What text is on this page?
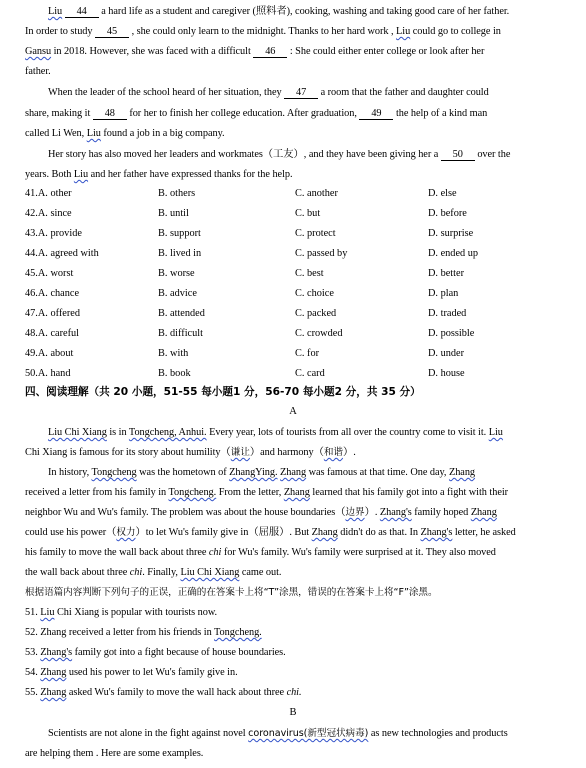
Liu 44 a hard life as a student and caregiver (照料者), cooking, washing and taking good care of her father.
In order to study 45 , she could only learn to the midnight. Thanks to her hard work , Liu could go to college in
Gansu in 2018. However, she was faced with a difficult 46 : She could either enter college or look after her
father.
When the leader of the school heard of her situation, they 47 a room that the father and daughter could
share, making it 48 for her to finish her college education. After graduation, 49 the help of a kind man
called Li Wen, Liu found a job in a big company.
Her story has also moved her leaders and workmates（工友）, and they have been giving her a 50 over the
years. Both Liu and her father have expressed thanks for the help.
41.A. other	B. others	C. another	D. else
42.A. since	B. until	C. but	D. before
43.A. provide	B. support	C. protect	D. surprise
44.A. agreed with	B. lived in	C. passed by	D. ended up
45.A. worst	B. worse	C. best	D. better
46.A. chance	B. advice	C. choice	D. plan
47.A. offered	B. attended	C. packed	D. traded
48.A. careful	B. difficult	C. crowded	D. possible
49.A. about	B. with	C. for	D. under
50.A. hand	B. book	C. card	D. house
四、阅读理解（共 20 小题，51-55 每小题1 分，56-70 每小题2 分，共 35 分）
A
Liu Chi Xiang is in Tongcheng, Anhui. Every year, lots of tourists from all over the country come to visit it. Liu
Chi Xiang is famous for its story about humility（谦让）and harmony（和谐）.
In history, Tongcheng was the hometown of ZhangYing. Zhang was famous at that time. One day, Zhang
received a letter from his family in Tongcheng. From the letter, Zhang learned that his family got into a fight with their
neighbor Wu and Wu's family. The problem was about the house boundaries（边界）. Zhang's family hoped Zhang
could use his power（权力）to let Wu's family give in（屈服）. But Zhang didn't do as that. In Zhang's letter, he asked
his family to move the wall back about three chi for Wu's family. Wu's family were surprised at it. They also moved
the wall back about three chi. Finally, Liu Chi Xiang came out.
根据语篇内容判断下列句子的正误，正确的在答案卡上将“T”涂黑，错误的在答案卡上将“F”涂黑。
51. Liu Chi Xiang is popular with tourists now.
52. Zhang received a letter from his friends in Tongcheng.
53. Zhang's family got into a fight because of house boundaries.
54. Zhang used his power to let Wu's family give in.
55. Zhang asked Wu's family to move the wall hack about three chi.
B
Scientists are not alone in the fight against novel coronavirus(新型冠状病毒) as new technologies and products
are helping them . Here are some examples.
